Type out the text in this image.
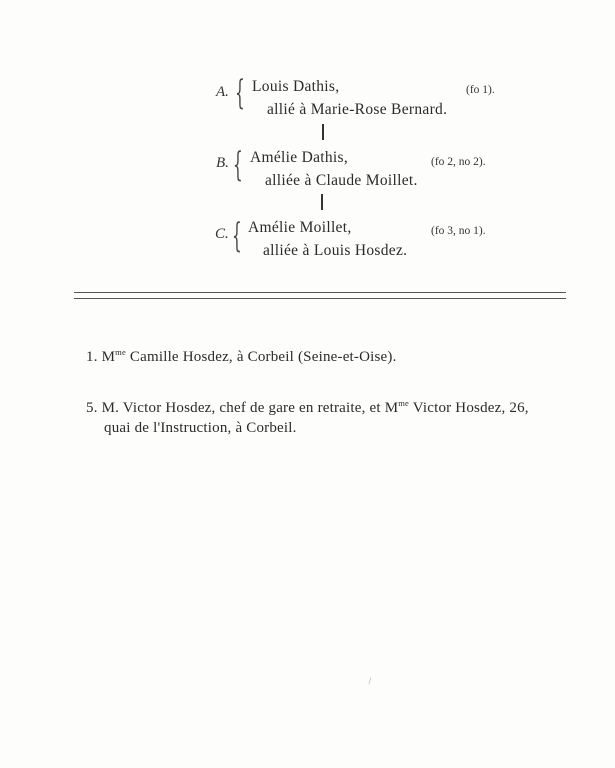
A. { Louis Dathis,
allié à Marie-Rose Bernard.
(fo 1).
B. { Amélie Dathis,
alliée à Claude Moillet.
(fo 2, no 2).
C. { Amélie Moillet,
alliée à Louis Hosdez.
(fo 3, no 1).
1. $M^{me}$ Camille Hosdez, à Corbeil (Seine-et-Oise).
5. M. Victor Hosdez, chef de gare en retraite, et $M^{me}$ Victor Hosdez, 26,
quai de l'Instruction, à Corbeil.
\
